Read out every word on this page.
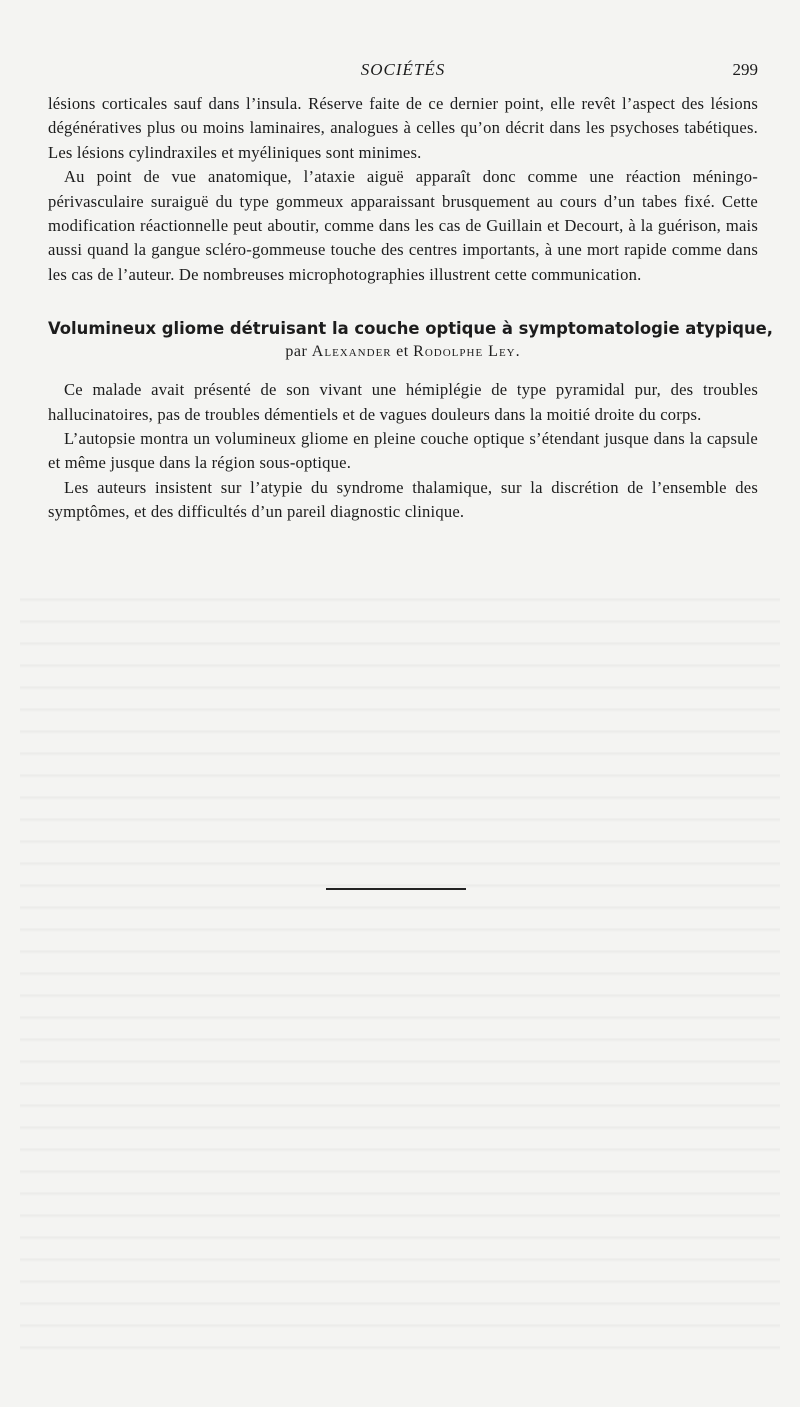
SOCIÉTÉS	299

lésions corticales sauf dans l’insula. Réserve faite de ce dernier point, elle revêt l’aspect des lésions dégénératives plus ou moins laminaires, analogues à celles qu’on décrit dans les psychoses tabétiques. Les lésions cylindraxiles et myéliniques sont minimes.

Au point de vue anatomique, l’ataxie aiguë apparaît donc comme une réaction méningo-périvasculaire suraiguë du type gommeux apparaissant brusquement au cours d’un tabes fixé. Cette modification réactionnelle peut aboutir, comme dans les cas de Guillain et Decourt, à la guérison, mais aussi quand la gangue scléro-gommeuse touche des centres importants, à une mort rapide comme dans les cas de l’auteur. De nombreuses microphotographies illustrent cette communication.

Volumineux gliome détruisant la couche optique à symptomatologie atypique,
par Alexander et Rodolphe Ley.

Ce malade avait présenté de son vivant une hémiplégie de type pyramidal pur, des troubles hallucinatoires, pas de troubles démentiels et de vagues douleurs dans la moitié droite du corps.

L’autopsie montra un volumineux gliome en pleine couche optique s’étendant jusque dans la capsule et même jusque dans la région sous-optique.

Les auteurs insistent sur l’atypie du syndrome thalamique, sur la discrétion de l’ensemble des symptômes, et des difficultés d’un pareil diagnostic clinique.
